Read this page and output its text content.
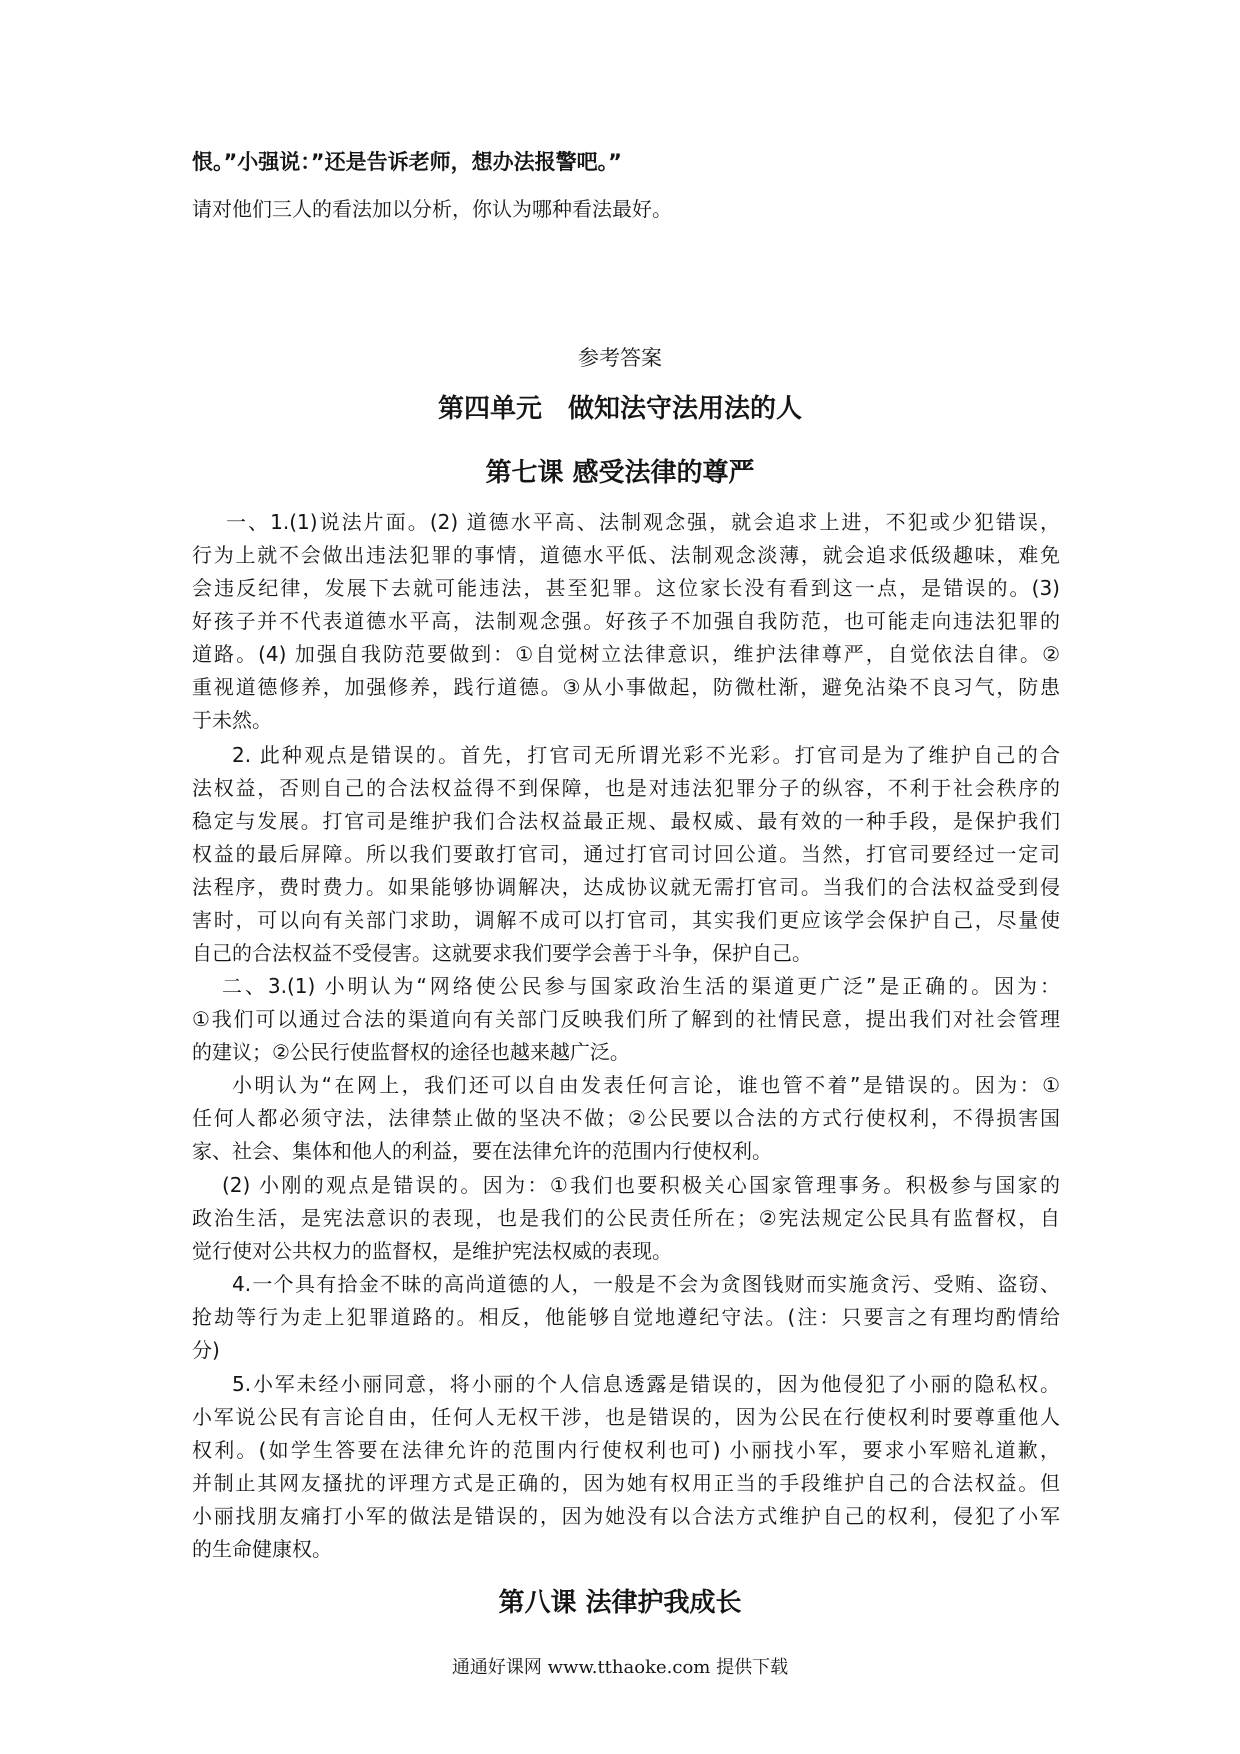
恨。”小强说：”还是告诉老师，想办法报警吧。”

请对他们三人的看法加以分析，你认为哪种看法最好。

参考答案

第四单元　做知法守法用法的人

第七课 感受法律的尊严

一、1.(1)说法片面。(2) 道德水平高、法制观念强，就会追求上进，不犯或少犯错误，

行为上就不会做出违法犯罪的事情，道德水平低、法制观念淡薄，就会追求低级趣味，难免

会违反纪律，发展下去就可能违法，甚至犯罪。这位家长没有看到这一点，是错误的。(3)

好孩子并不代表道德水平高，法制观念强。好孩子不加强自我防范，也可能走向违法犯罪的

道路。(4) 加强自我防范要做到：①自觉树立法律意识，维护法律尊严，自觉依法自律。②

重视道德修养，加强修养，践行道德。③从小事做起，防微杜渐，避免沾染不良习气，防患

于未然。

2. 此种观点是错误的。首先，打官司无所谓光彩不光彩。打官司是为了维护自己的合

法权益，否则自己的合法权益得不到保障，也是对违法犯罪分子的纵容，不利于社会秩序的

稳定与发展。打官司是维护我们合法权益最正规、最权威、最有效的一种手段，是保护我们

权益的最后屏障。所以我们要敢打官司，通过打官司讨回公道。当然，打官司要经过一定司

法程序，费时费力。如果能够协调解决，达成协议就无需打官司。当我们的合法权益受到侵

害时，可以向有关部门求助，调解不成可以打官司，其实我们更应该学会保护自己，尽量使

自己的合法权益不受侵害。这就要求我们要学会善于斗争，保护自己。

二、3.(1) 小明认为“网络使公民参与国家政治生活的渠道更广泛”是正确的。因为：

①我们可以通过合法的渠道向有关部门反映我们所了解到的社情民意，提出我们对社会管理

的建议；②公民行使监督权的途径也越来越广泛。

小明认为“在网上，我们还可以自由发表任何言论，谁也管不着”是错误的。因为：①

任何人都必须守法，法律禁止做的坚决不做；②公民要以合法的方式行使权利，不得损害国

家、社会、集体和他人的利益，要在法律允许的范围内行使权利。

(2) 小刚的观点是错误的。因为：①我们也要积极关心国家管理事务。积极参与国家的

政治生活，是宪法意识的表现，也是我们的公民责任所在；②宪法规定公民具有监督权，自

觉行使对公共权力的监督权，是维护宪法权威的表现。

4.一个具有拾金不昧的高尚道德的人，一般是不会为贪图钱财而实施贪污、受贿、盗窃、

抢劫等行为走上犯罪道路的。相反，他能够自觉地遵纪守法。(注：只要言之有理均酌情给

分)

5.小军未经小丽同意，将小丽的个人信息透露是错误的，因为他侵犯了小丽的隐私权。

小军说公民有言论自由，任何人无权干涉，也是错误的，因为公民在行使权利时要尊重他人

权利。(如学生答要在法律允许的范围内行使权利也可) 小丽找小军，要求小军赔礼道歉，

并制止其网友搔扰的评理方式是正确的，因为她有权用正当的手段维护自己的合法权益。但

小丽找朋友痛打小军的做法是错误的，因为她没有以合法方式维护自己的权利，侵犯了小军

的生命健康权。

第八课 法律护我成长

通通好课网 www.tthaoke.com 提供下载
